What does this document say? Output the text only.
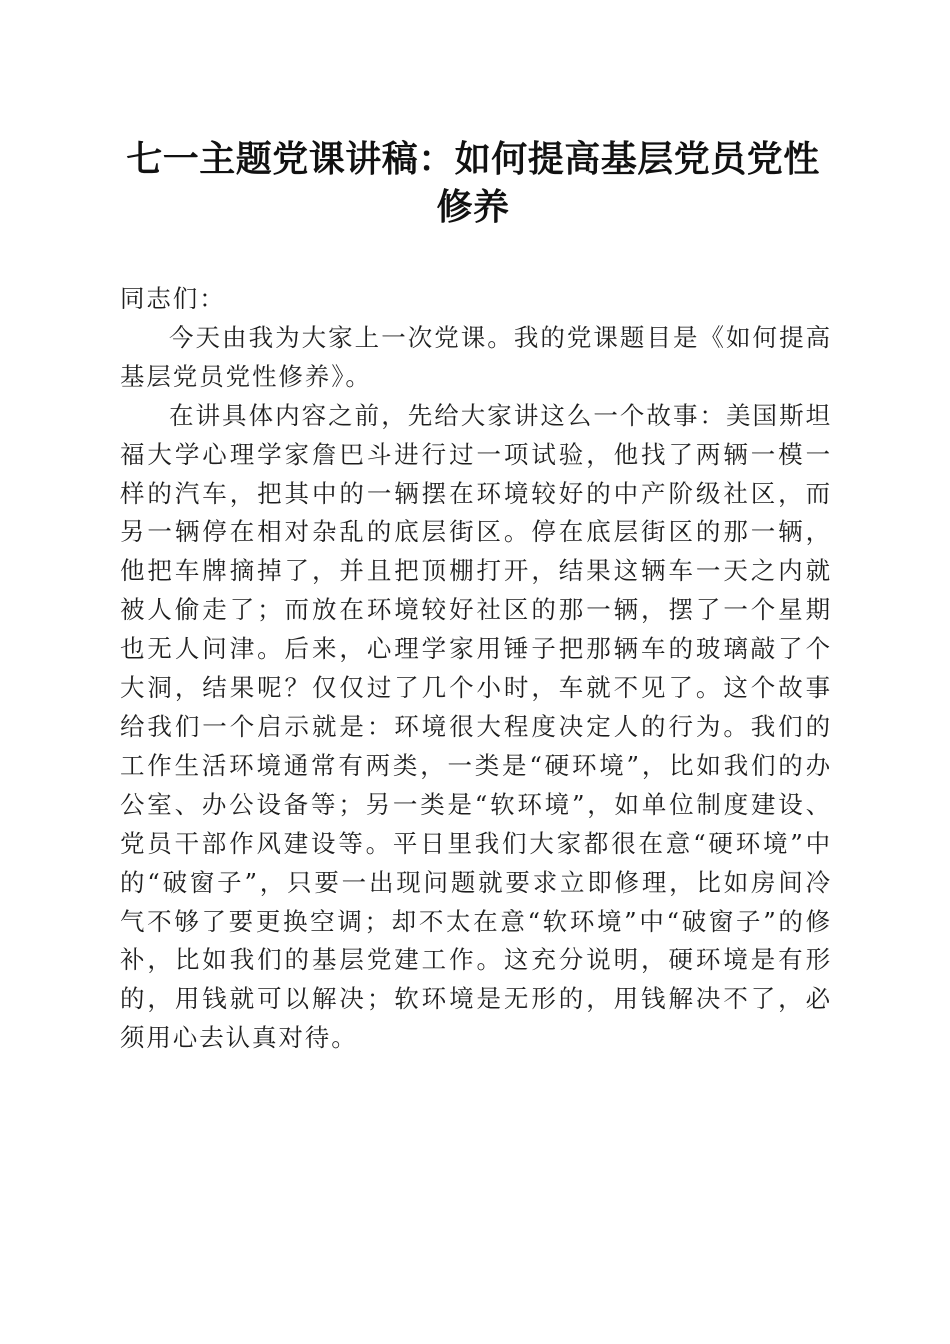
七一主题党课讲稿：如何提高基层党员党性修养

同志们：

今天由我为大家上一次党课。我的党课题目是《如何提高基层党员党性修养》。

在讲具体内容之前，先给大家讲这么一个故事：美国斯坦福大学心理学家詹巴斗进行过一项试验，他找了两辆一模一样的汽车，把其中的一辆摆在环境较好的中产阶级社区，而另一辆停在相对杂乱的底层街区。停在底层街区的那一辆，他把车牌摘掉了，并且把顶棚打开，结果这辆车一天之内就被人偷走了；而放在环境较好社区的那一辆，摆了一个星期也无人问津。后来，心理学家用锤子把那辆车的玻璃敲了个大洞，结果呢？仅仅过了几个小时，车就不见了。这个故事给我们一个启示就是：环境很大程度决定人的行为。我们的工作生活环境通常有两类，一类是“硬环境”，比如我们的办公室、办公设备等；另一类是“软环境”，如单位制度建设、党员干部作风建设等。平日里我们大家都很在意“硬环境”中的“破窗子”，只要一出现问题就要求立即修理，比如房间冷气不够了要更换空调；却不太在意“软环境”中“破窗子”的修补，比如我们的基层党建工作。这充分说明，硬环境是有形的，用钱就可以解决；软环境是无形的，用钱解决不了，必须用心去认真对待。
